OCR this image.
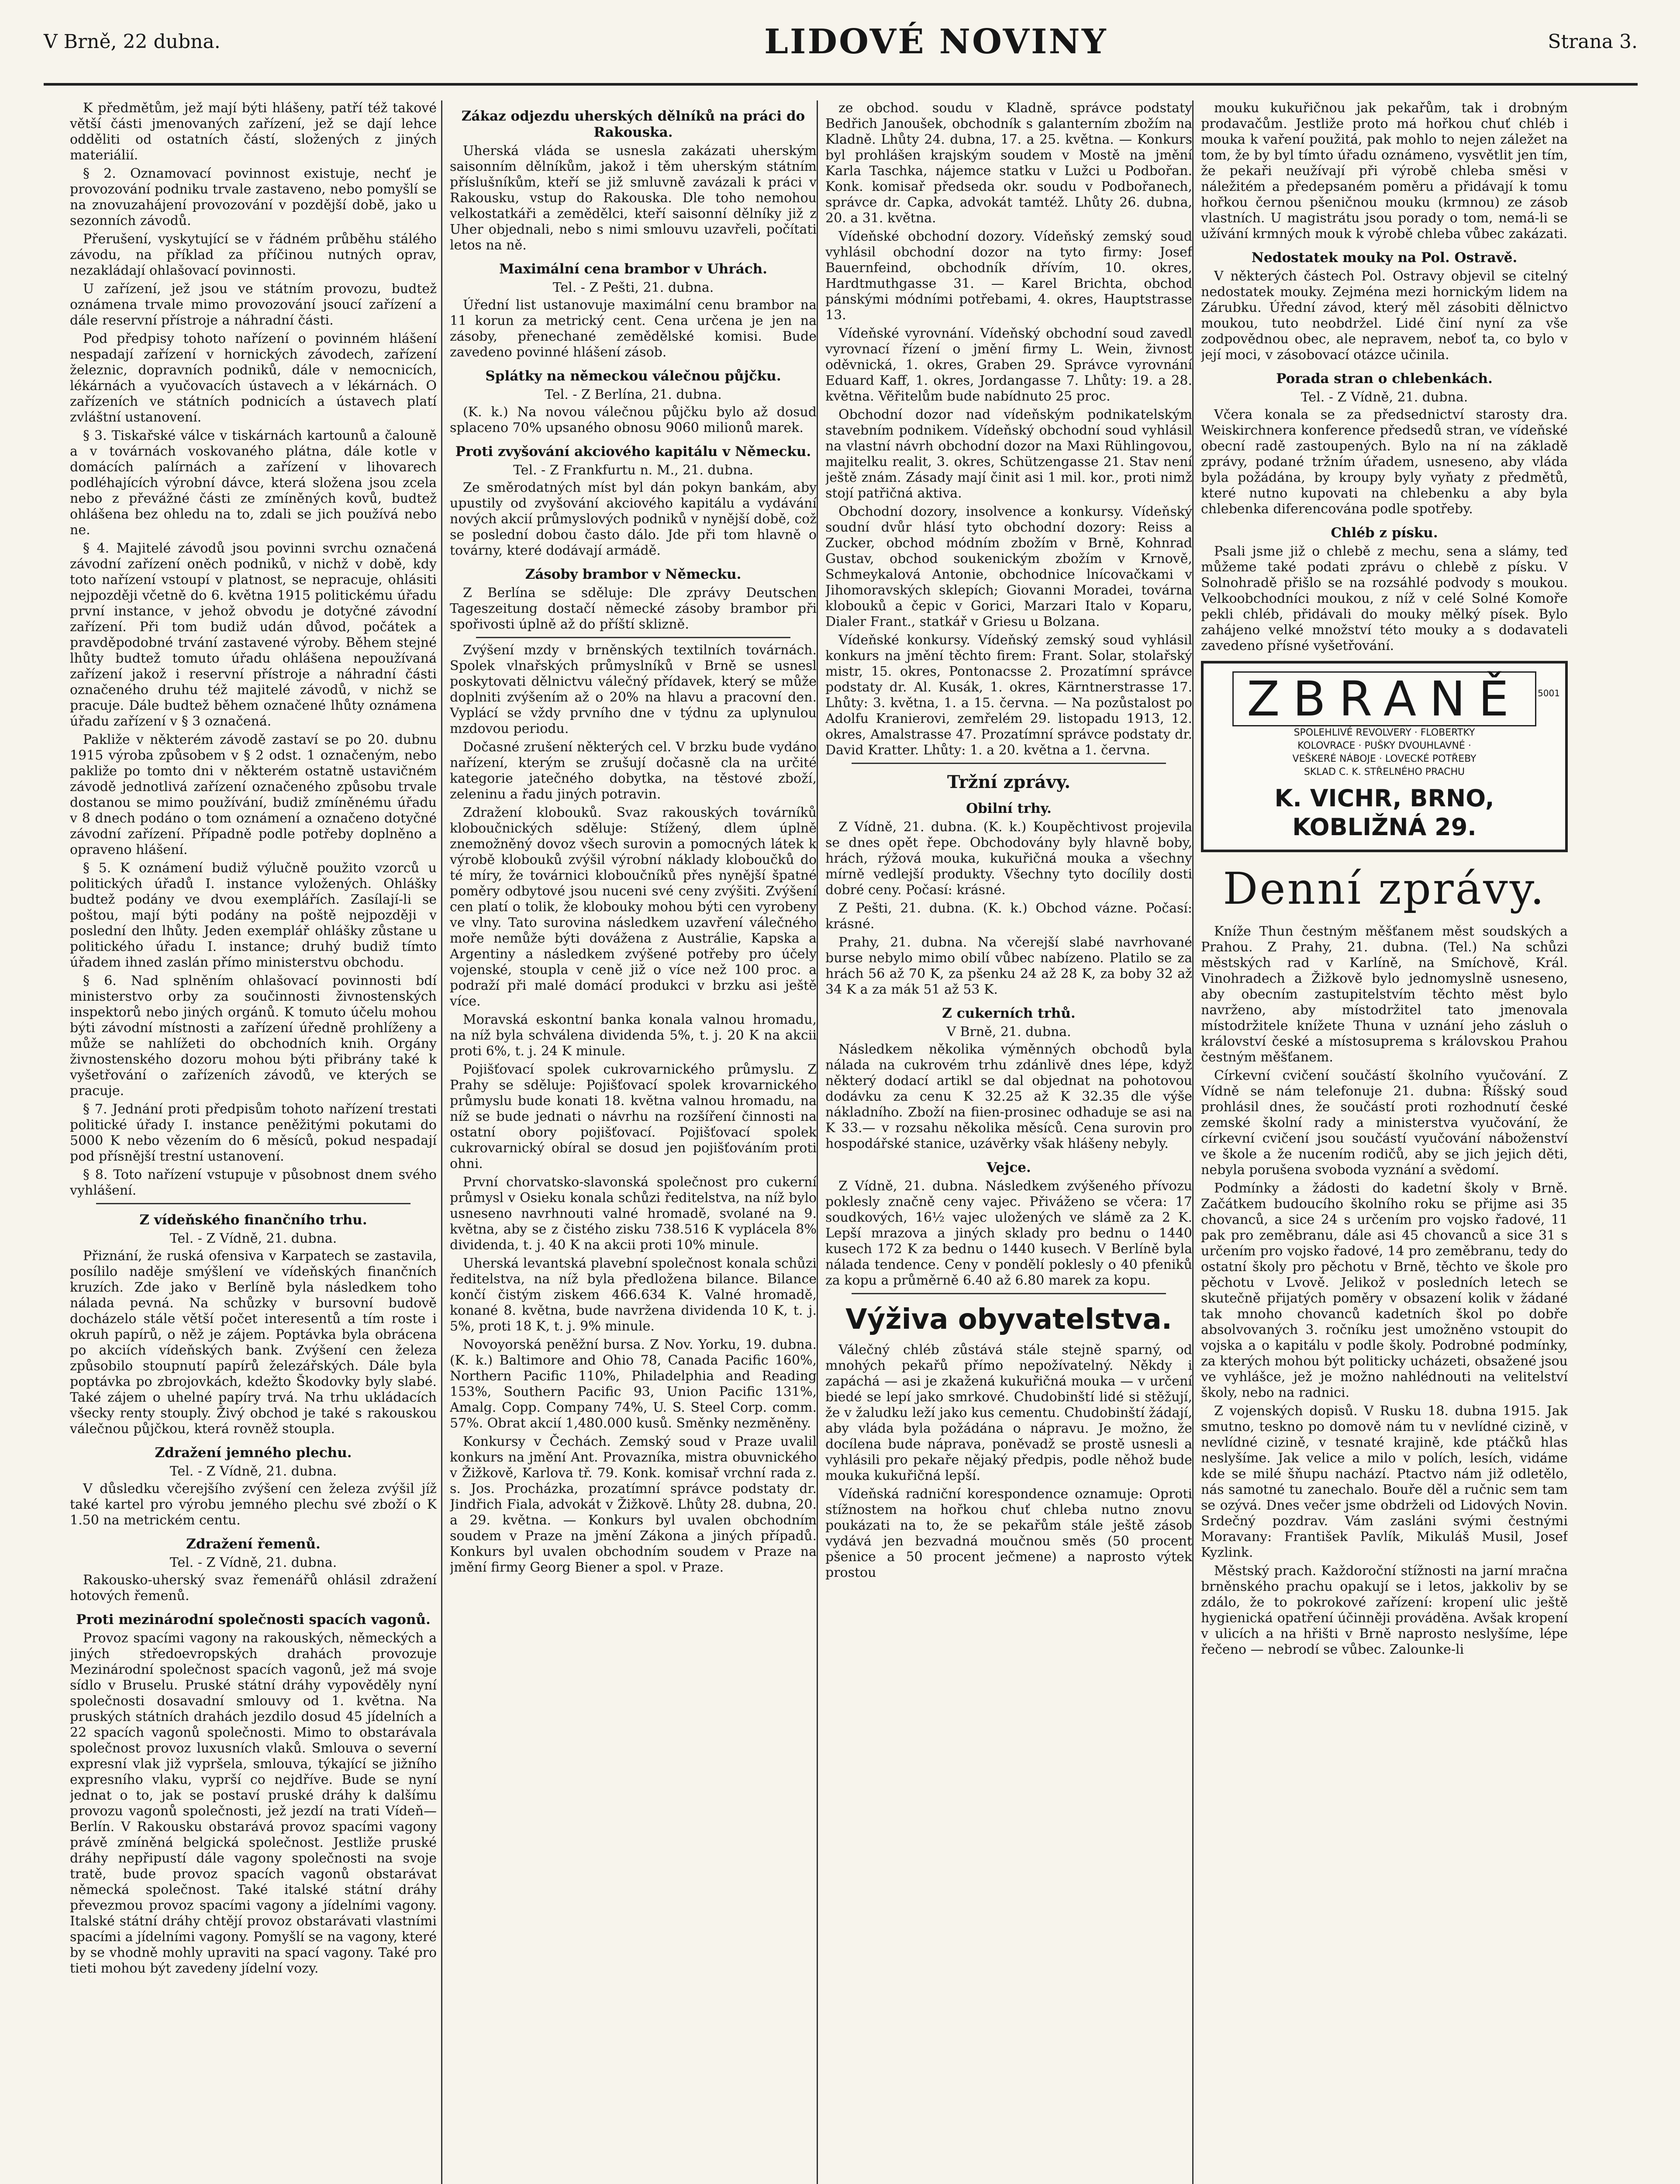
V Brně, 22 dubna.	LIDOVÉ NOVINY	Strana 3.

K předmětům, jež mají býti hlášeny, patří též takové větší části jmenovaných zařízení, jež se dají lehce odděliti od ostatních částí, složených z jiných materiálií.

§ 2. Oznamovací povinnost existuje, nechť je provozování podniku trvale zastaveno, nebo pomyšlí se na znovuzahájení provozování v pozdější době, jako u sezonních závodů.

Přerušení, vyskytující se v řádném průběhu stálého závodu, na příklad za příčinou nutných oprav, nezakládají ohlašovací povinnosti.

U zařízení, jež jsou ve státním provozu, budtež oznámena trvale mimo provozování jsoucí zařízení a dále reservní přístroje a náhradní části.

Pod předpisy tohoto nařízení o povinném hlášení nespadají zařízení v hornických závodech, zařízení železnic, dopravních podniků, dále v nemocnicích, lékárnách a vyučovacích ústavech a v lékárnách. O zařízeních ve státních podnicích a ústavech platí zvláštní ustanovení.

§ 3. Tiskařské válce v tiskárnách kartounů a čalouně a v továrnách voskovaného plátna, dále kotle v domácích palírnách a zařízení v lihovarech podléhajících výrobní dávce, která složena jsou zcela nebo z převážné části ze zmíněných kovů, budtež ohlášena bez ohledu na to, zdali se jich používá nebo ne.

§ 4. Majitelé závodů jsou povinni svrchu označená závodní zařízení oněch podniků, v nichž v době, kdy toto nařízení vstoupí v platnost, se nepracuje, ohlásiti nejpozději včetně do 6. května 1915 politickému úřadu první instance, v jehož obvodu je dotyčné závodní zařízení. Při tom budiž udán důvod, počátek a pravděpodobné trvání zastavené výroby. Během stejné lhůty budtež tomuto úřadu ohlášena nepoužívaná zařízení jakož i reservní přístroje a náhradní části označeného druhu též majitelé závodů, v nichž se pracuje. Dále budtež během označené lhůty oznámena úřadu zařízení v § 3 označená.

Pakliže v některém závodě zastaví se po 20. dubnu 1915 výroba způsobem v § 2 odst. 1 označeným, nebo pakliže po tomto dni v některém ostatně ustavičném závodě jednotlivá zařízení označeného způsobu trvale dostanou se mimo používání, budiž zmíněnému úřadu v 8 dnech podáno o tom oznámení a označeno dotyčné závodní zařízení. Případně podle potřeby doplněno a opraveno hlášení.

§ 5. K oznámení budiž výlučně použito vzorců u politických úřadů I. instance vyložených. Ohlášky budtež podány ve dvou exemplářích. Zasílají-li se poštou, mají býti podány na poště nejpozději v poslední den lhůty. Jeden exemplář ohlášky zůstane u politického úřadu I. instance; druhý budiž tímto úřadem ihned zaslán přímo ministerstvu obchodu.

§ 6. Nad splněním ohlašovací povinnosti bdí ministerstvo orby za součinnosti živnostenských inspektorů nebo jiných orgánů. K tomuto účelu mohou býti závodní místnosti a zařízení úředně prohlíženy a může se nahlížeti do obchodních knih. Orgány živnostenského dozoru mohou býti přibrány také k vyšetřování o zařízeních závodů, ve kterých se pracuje.

§ 7. Jednání proti předpisům tohoto nařízení trestati politické úřady I. instance peněžitými pokutami do 5000 K nebo vězením do 6 měsíců, pokud nespadají pod přísnější trestní ustanovení.

§ 8. Toto nařízení vstupuje v působnost dnem svého vyhlášení.

Z vídeňského finančního trhu.
Tel. - Z Vídně, 21. dubna.

Přiznání, že ruská ofensiva v Karpatech se zastavila, posílilo naděje smýšlení ve vídeňských finančních kruzích. Zde jako v Berlíně byla následkem toho nálada pevná. Na schůzky v bursovní budově docházelo stále větší počet interesentů a tím roste i okruh papírů, o něž je zájem. Poptávka byla obrácena po akciích vídeňských bank. Zvýšení cen železa způsobilo stoupnutí papírů železářských. Dále byla poptávka po zbrojovkách, kdežto Škodovky byly slabé. Také zájem o uhelné papíry trvá. Na trhu ukládacích všecky renty stouply. Živý obchod je také s rakouskou válečnou půjčkou, která rovněž stoupla.

Zdražení jemného plechu.
Tel. - Z Vídně, 21. dubna.

V důsledku včerejšího zvýšení cen železa zvýšil jíž také kartel pro výrobu jemného plechu své zboží o K 1.50 na metrickém centu.

Zdražení řemenů.
Tel. - Z Vídně, 21. dubna.

Rakousko-uherský svaz řemenářů ohlásil zdražení hotových řemenů.

Proti mezinárodní společnosti spacích vagonů.

Provoz spacími vagony na rakouských, německých a jiných středoevropských drahách provozuje Mezinárodní společnost spacích vagonů, jež má svoje sídlo v Bruselu. Pruské státní dráhy vypověděly nyní společnosti dosavadní smlouvy od 1. května. Na pruských státních drahách jezdilo dosud 45 jídelních a 22 spacích vagonů společnosti. Mimo to obstarávala společnost provoz luxusních vlaků. Smlouva o severní expresní vlak již vypršela, smlouva, týkající se jižního expresního vlaku, vyprší co nejdříve. Bude se nyní jednat o to, jak se postaví pruské dráhy k dalšímu provozu vagonů společnosti, jež jezdí na trati Vídeň—Berlín. V Rakousku obstarává provoz spacími vagony právě zmíněná belgická společnost. Jestliže pruské dráhy nepřipustí dále vagony společnosti na svoje tratě, bude provoz spacích vagonů obstarávat německá společnost. Také italské státní dráhy převezmou provoz spacími vagony a jídelními vagony. Italské státní dráhy chtějí provoz obstarávati vlastními spacími a jídelními vagony. Pomyšlí se na vagony, které by se vhodně mohly upraviti na spací vagony. Také pro tieti mohou být zavedeny jídelní vozy.

Zákaz odjezdu uherských dělníků na práci do Rakouska.

Uherská vláda se usnesla zakázati uherským saisonním dělníkům, jakož i těm uherským státním příslušníkům, kteří se již smluvně zavázali k práci v Rakousku, vstup do Rakouska. Dle toho nemohou velkostatkáři a zemědělci, kteří saisonní dělníky již z Uher objednali, nebo s nimi smlouvu uzavřeli, počítati letos na ně.

Maximální cena brambor v Uhrách.
Tel. - Z Pešti, 21. dubna.

Úřední list ustanovuje maximální cenu brambor na 11 korun za metrický cent. Cena určena je jen na zásoby, přenechané zemědělské komisi. Bude zavedeno povinné hlášení zásob.

Splátky na německou válečnou půjčku.
Tel. - Z Berlína, 21. dubna.

(K. k.) Na novou válečnou půjčku bylo až dosud splaceno 70% upsaného obnosu 9060 milionů marek.

Proti zvyšování akciového kapitálu v Německu.
Tel. - Z Frankfurtu n. M., 21. dubna.

Ze směrodatných míst byl dán pokyn bankám, aby upustily od zvyšování akciového kapitálu a vydávání nových akcií průmyslových podniků v nynější době, což se poslední dobou často dálo. Jde při tom hlavně o továrny, které dodávají armádě.

Zásoby brambor v Německu.

Z Berlína se sděluje: Dle zprávy Deutschen Tageszeitung dostačí německé zásoby brambor při spořivosti úplně až do příští sklizně.

Zvýšení mzdy v brněnských textilních továrnách. Spolek vlnařských průmyslníků v Brně se usnesl poskytovati dělnictvu válečný přídavek, který se může doplniti zvýšením až o 20% na hlavu a pracovní den. Vyplácí se vždy prvního dne v týdnu za uplynulou mzdovou periodu.

Dočasné zrušení některých cel. V brzku bude vydáno nařízení, kterým se zrušují dočasně cla na určité kategorie jatečného dobytka, na těstové zboží, zeleninu a řadu jiných potravin.

Zdražení klobouků. Svaz rakouských továrníků kloboučnických sděluje: Stížený, dlem úplně znemožněný dovoz všech surovin a pomocných látek k výrobě klobouků zvýšil výrobní náklady kloboučků do té míry, že továrnici kloboučníků přes nynější špatné poměry odbytové jsou nuceni své ceny zvýšiti. Zvýšení cen platí o tolik, že klobouky mohou býti cen vyrobeny ve vlny. Tato surovina následkem uzavření válečného moře nemůže býti dovážena z Austrálie, Kapska a Argentiny a následkem zvýšené potřeby pro účely vojenské, stoupla v ceně již o více než 100 proc. a podraží při malé domácí produkci v brzku asi ještě více.

Moravská eskontní banka konala valnou hromadu, na níž byla schválena dividenda 5%, t. j. 20 K na akcii proti 6%, t. j. 24 K minule.

Pojišťovací spolek cukrovarnického průmyslu. Z Prahy se sděluje: Pojišťovací spolek krovarnického průmyslu bude konati 18. května valnou hromadu, na níž se bude jednati o návrhu na rozšíření činnosti na ostatní obory pojišťovací. Pojišťovací spolek cukrovarnický obíral se dosud jen pojišťováním proti ohni.

První chorvatsko-slavonská společnost pro cukerní průmysl v Osieku konala schůzi ředitelstva, na níž bylo usneseno navrhnouti valné hromadě, svolané na 9. května, aby se z čistého zisku 738.516 K vyplácela 8% dividenda, t. j. 40 K na akcii proti 10% minule.

Uherská levantská plavební společnost konala schůzi ředitelstva, na níž byla předložena bilance. Bilance končí čistým ziskem 466.634 K. Valné hromadě, konané 8. května, bude navržena dividenda 10 K, t. j. 5%, proti 18 K, t. j. 9% minule.

Novoyorská peněžní bursa. Z Nov. Yorku, 19. dubna. (K. k.) Baltimore and Ohio 78, Canada Pacific 160%, Northern Pacific 110%, Philadelphia and Reading 153%, Southern Pacific 93, Union Pacific 131%, Amalg. Copp. Company 74%, U. S. Steel Corp. comm. 57%. Obrat akcií 1,480.000 kusů. Směnky nezměněny.

Konkursy v Čechách. Zemský soud v Praze uvalil konkurs na jmění Ant. Provazníka, mistra obuvnického v Žižkově, Karlova tř. 79. Konk. komisař vrchní rada z. s. Jos. Procházka, prozatímní správce podstaty dr. Jindřich Fiala, advokát v Žižkově. Lhůty 28. dubna, 20. a 29. května. — Konkurs byl uvalen obchodním soudem v Praze na jmění Zákona a jiných případů. Konkurs byl uvalen obchodním soudem v Praze na jmění firmy Georg Biener a spol. v Praze.

ze obchod. soudu v Kladně, správce podstaty Bedřich Janoušek, obchodník s galanterním zbožím na Kladně. Lhůty 24. dubna, 17. a 25. května. — Konkurs byl prohlášen krajským soudem v Mostě na jmění Karla Taschka, nájemce statku v Lužci u Podbořan. Konk. komisař předseda okr. soudu v Podbořanech, správce dr. Capka, advokát tamtéž. Lhůty 26. dubna, 20. a 31. května.

Vídeňské obchodní dozory. Vídeňský zemský soud vyhlásil obchodní dozor na tyto firmy: Josef Bauernfeind, obchodník dřívím, 10. okres, Hardtmuthgasse 31. — Karel Brichta, obchod pánskými módními potřebami, 4. okres, Hauptstrasse 13.

Vídeňské vyrovnání. Vídeňský obchodní soud zavedl vyrovnací řízení o jmění firmy L. Wein, živnost oděvnická, 1. okres, Graben 29. Správce vyrovnání Eduard Kaff, 1. okres, Jordangasse 7. Lhůty: 19. a 28. května. Věřitelům bude nabídnuto 25 proc.

Obchodní dozor nad vídeňským podnikatelským stavebním podnikem. Vídeňský obchodní soud vyhlásil na vlastní návrh obchodní dozor na Maxi Rühlingovou, majitelku realit, 3. okres, Schützengasse 21. Stav není ještě znám. Zásady mají činit asi 1 mil. kor., proti nimž stojí patřičná aktiva.

Obchodní dozory, insolvence a konkursy. Vídeňský soudní dvůr hlásí tyto obchodní dozory: Reiss a Zucker, obchod módním zbožím v Brně, Kohnrad Gustav, obchod soukenickým zbožím v Krnově, Schmeykalová Antonie, obchodnice lnícovačkami v Jihomoravských sklepích; Giovanni Moradei, továrna klobouků a čepic v Gorici, Marzari Italo v Koparu, Dialer Frant., statkář v Griesu u Bolzana.

Vídeňské konkursy. Vídeňský zemský soud vyhlásil konkurs na jmění těchto firem: Frant. Solar, stolařský mistr, 15. okres, Pontonacsse 2. Prozatímní správce podstaty dr. Al. Kusák, 1. okres, Kärntnerstrasse 17. Lhůty: 3. května, 1. a 15. června. — Na pozůstalost po Adolfu Kranierovi, zemřelém 29. listopadu 1913, 12. okres, Amalstrasse 47. Prozatímní správce podstaty dr. David Kratter. Lhůty: 1. a 20. května a 1. června.

Tržní zprávy.
Obilní trhy.

Z Vídně, 21. dubna. (K. k.) Koupěchtivost projevila se dnes opět řepe. Obchodovány byly hlavně boby, hrách, rýžová mouka, kukuřičná mouka a všechny mírně vedlejší produkty. Všechny tyto docílily dosti dobré ceny. Počasí: krásné.

Z Pešti, 21. dubna. (K. k.) Obchod vázne. Počasí: krásné.

Prahy, 21. dubna. Na včerejší slabé navrhované burse nebylo mimo obilí vůbec nabízeno. Platilo se za hrách 56 až 70 K, za pšenku 24 až 28 K, za boby 32 až 34 K a za mák 51 až 53 K.

Z cukerních trhů.
V Brně, 21. dubna.

Následkem několika výměnných obchodů byla nálada na cukrovém trhu zdánlivě dnes lépe, když některý dodací artikl se dal objednat na pohotovou dodávku za cenu K 32.25 až K 32.35 dle výše nákladního. Zboží na fiien-prosinec odhaduje se asi na K 33.— v rozsahu několika měsíců. Cena surovin pro hospodářské stanice, uzávěrky však hlášeny nebyly.

Vejce.

Z Vídně, 21. dubna. Následkem zvýšeného přívozu poklesly značně ceny vajec. Přiváženo se včera: 17 soudkových, 16½ vajec uložených ve slámě za 2 K. Lepší mrazova a jiných sklady pro bednu o 1440 kusech 172 K za bednu o 1440 kusech. V Berlíně byla nálada tendence. Ceny v pondělí poklesly o 40 pfeniků za kopu a průměrně 6.40 až 6.80 marek za kopu.

Výživa obyvatelstva.

Válečný chléb zůstává stále stejně sparný, od mnohých pekařů přímo nepožívatelný. Někdy i zapáchá — asi je zkažená kukuřičná mouka — v určení biedé se lepí jako smrkové. Chudobinští lidé si stěžují, že v žaludku leží jako kus cementu. Chudobinští žádají, aby vláda byla požádána o nápravu. Je možno, že docílena bude náprava, poněvadž se prostě usnesli a vyhlásili pro pekaře nějaký předpis, podle něhož bude mouka kukuřičná lepší.

Vídeňská radniční korespondence oznamuje: Oproti stížnostem na hořkou chuť chleba nutno znovu poukázati na to, že se pekařům stále ještě zásob vydává jen bezvadná moučnou směs (50 procent pšenice a 50 procent ječmene) a naprosto výtek prostou

mouku kukuřičnou jak pekařům, tak i drobným prodavačům. Jestliže proto má hořkou chuť chléb i mouka k vaření použitá, pak mohlo to nejen záležet na tom, že by byl tímto úřadu oznámeno, vysvětlit jen tím, že pekaři neužívají při výrobě chleba směsi v náležitém a předepsaném poměru a přidávají k tomu hořkou černou pšeničnou mouku (krmnou) ze zásob vlastních. U magistrátu jsou porady o tom, nemá-li se užívání krmných mouk k výrobě chleba vůbec zakázati.

Nedostatek mouky na Pol. Ostravě.

V některých částech Pol. Ostravy objevil se citelný nedostatek mouky. Zejména mezi hornickým lidem na Zárubku. Úřední závod, který měl zásobiti dělnictvo moukou, tuto neobdržel. Lidé činí nyní za vše zodpovědnou obec, ale nepravem, neboť ta, co bylo v její moci, v zásobovací otázce učinila.

Porada stran o chlebenkách.
Tel. - Z Vídně, 21. dubna.

Včera konala se za předsednictví starosty dra. Weiskirchnera konference předsedů stran, ve vídeňské obecní radě zastoupených. Bylo na ní na základě zprávy, podané tržním úřadem, usneseno, aby vláda byla požádána, by kroupy byly vyňaty z předmětů, které nutno kupovati na chlebenku a aby byla chlebenka diferencována podle spotřeby.

Chléb z písku.

Psali jsme již o chlebě z mechu, sena a slámy, teď můžeme také podati zprávu o chlebě z písku. V Solnohradě přišlo se na rozsáhlé podvody s moukou. Velkoobchodníci moukou, z níž v celé Solné Komoře pekli chléb, přidávali do mouky mělký písek. Bylo zahájeno velké množství této mouky a s dodavateli zavedeno přísné vyšetřování.

ZBRANĚ 5001
SPOLEHLIVÉ REVOLVERY · FLOBERTKY
KOLOVRACE · PUŠKY DVOUHLAVNÉ ·
VEŠKERÉ NÁBOJE · LOVECKÉ POTŘEBY
SKLAD C. K. STŘELNÉHO PRACHU
K. VICHR, BRNO, KOBLIŽNÁ 29.
Denní zprávy.

Kníže Thun čestným měšťanem měst soudských a Prahou. Z Prahy, 21. dubna. (Tel.) Na schůzi městských rad v Karlíně, na Smíchově, Král. Vinohradech a Žižkově bylo jednomyslně usneseno, aby obecním zastupitelstvím těchto měst bylo navrženo, aby místodržitel tato jmenovala místodržitele knížete Thuna v uznání jeho zásluh o království české a místosuprema s královskou Prahou čestným měšťanem.

Církevní cvičení součástí školního vyučování. Z Vídně se nám telefonuje 21. dubna: Říšský soud prohlásil dnes, že součástí proti rozhodnutí české zemské školní rady a ministerstva vyučování, že církevní cvičení jsou součástí vyučování náboženství ve škole a že nucením rodičů, aby se jich jejich děti, nebyla porušena svoboda vyznání a svědomí.

Podmínky a žádosti do kadetní školy v Brně. Začátkem budoucího školního roku se přijme asi 35 chovanců, a sice 24 s určením pro vojsko řadové, 11 pak pro zeměbranu, dále asi 45 chovanců a sice 31 s určením pro vojsko řadové, 14 pro zeměbranu, tedy do ostatní školy pro pěchotu v Brně, těchto ve škole pro pěchotu v Lvově. Jelikož v posledních letech se skutečně přijatých poměry v obsazení kolik v žádané tak mnoho chovanců kadetních škol po dobře absolvovaných 3. ročníku jest umožněno vstoupit do vojska a o kapitálu v podle školy. Podrobné podmínky, za kterých mohou být politicky ucházeti, obsažené jsou ve vyhlášce, jež je možno nahlédnouti na velitelství školy, nebo na radnici.

Z vojenských dopisů. V Rusku 18. dubna 1915. Jak smutno, teskno po domově nám tu v nevlídné cizině, v nevlídné cizině, v tesnaté krajině, kde ptáčků hlas neslyšíme. Jak velice a milo v polích, lesích, vidáme kde se milé šňupu nachází. Ptactvo nám již odletělo, nás samotné tu zanechalo. Bouře děl a ručnic sem tam se ozývá. Dnes večer jsme obdrželi od Lidových Novin. Srdečný pozdrav. Vám zasláni svými čestnými Moravany: František Pavlík, Mikuláš Musil, Josef Kyzlink.

Městský prach. Každoroční stížnosti na jarní mračna brněnského prachu opakují se i letos, jakkoliv by se zdálo, že to pokrokové zařízení: kropení ulic ještě hygienická opatření účinněji prováděna. Avšak kropení v ulicích a na hřišti v Brně naprosto neslyšíme, lépe řečeno — nebrodí se vůbec. Zalounke-li
